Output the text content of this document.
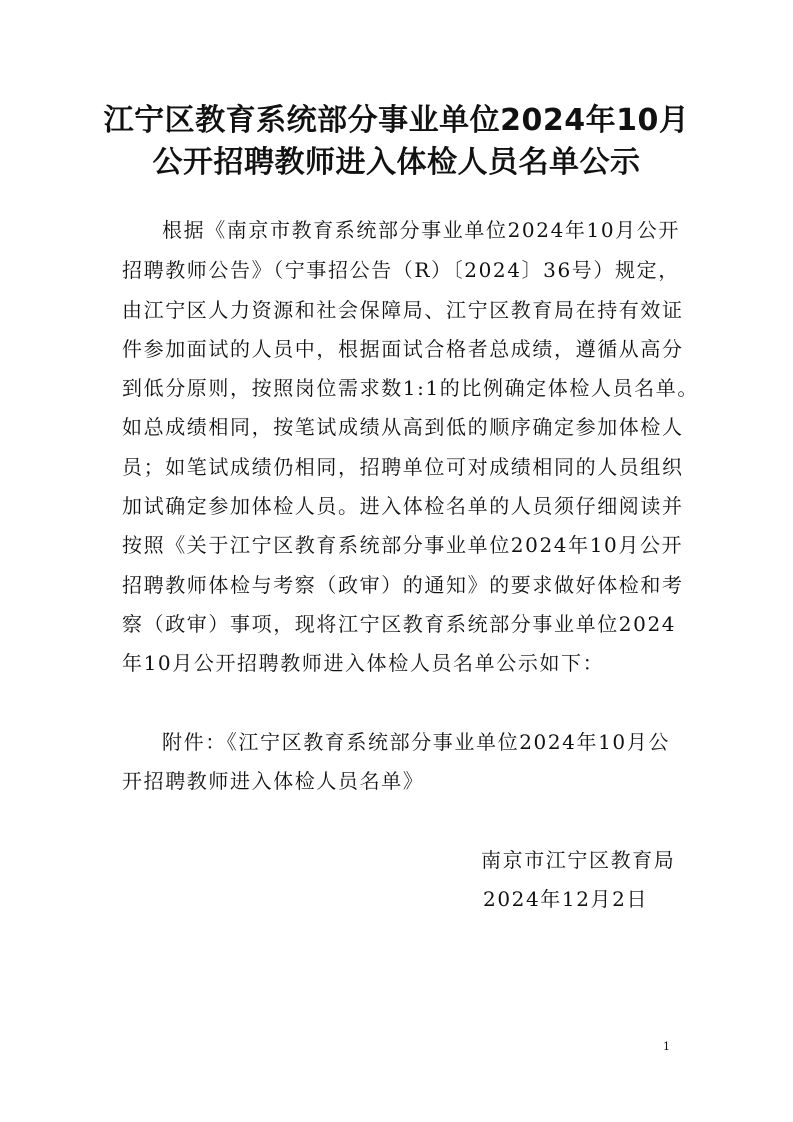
江宁区教育系统部分事业单位2024年10月
公开招聘教师进入体检人员名单公示
根据《南京市教育系统部分事业单位2024年10月公开
招聘教师公告》（宁事招公告（R）〔2024〕36号）规定，
由江宁区人力资源和社会保障局、江宁区教育局在持有效证
件参加面试的人员中，根据面试合格者总成绩，遵循从高分
到低分原则，按照岗位需求数1:1的比例确定体检人员名单。
如总成绩相同，按笔试成绩从高到低的顺序确定参加体检人
员；如笔试成绩仍相同，招聘单位可对成绩相同的人员组织
加试确定参加体检人员。进入体检名单的人员须仔细阅读并
按照《关于江宁区教育系统部分事业单位2024年10月公开
招聘教师体检与考察（政审）的通知》的要求做好体检和考
察（政审）事项，现将江宁区教育系统部分事业单位2024
年10月公开招聘教师进入体检人员名单公示如下：
附件：《江宁区教育系统部分事业单位2024年10月公
开招聘教师进入体检人员名单》
南京市江宁区教育局
2024年12月2日
1
